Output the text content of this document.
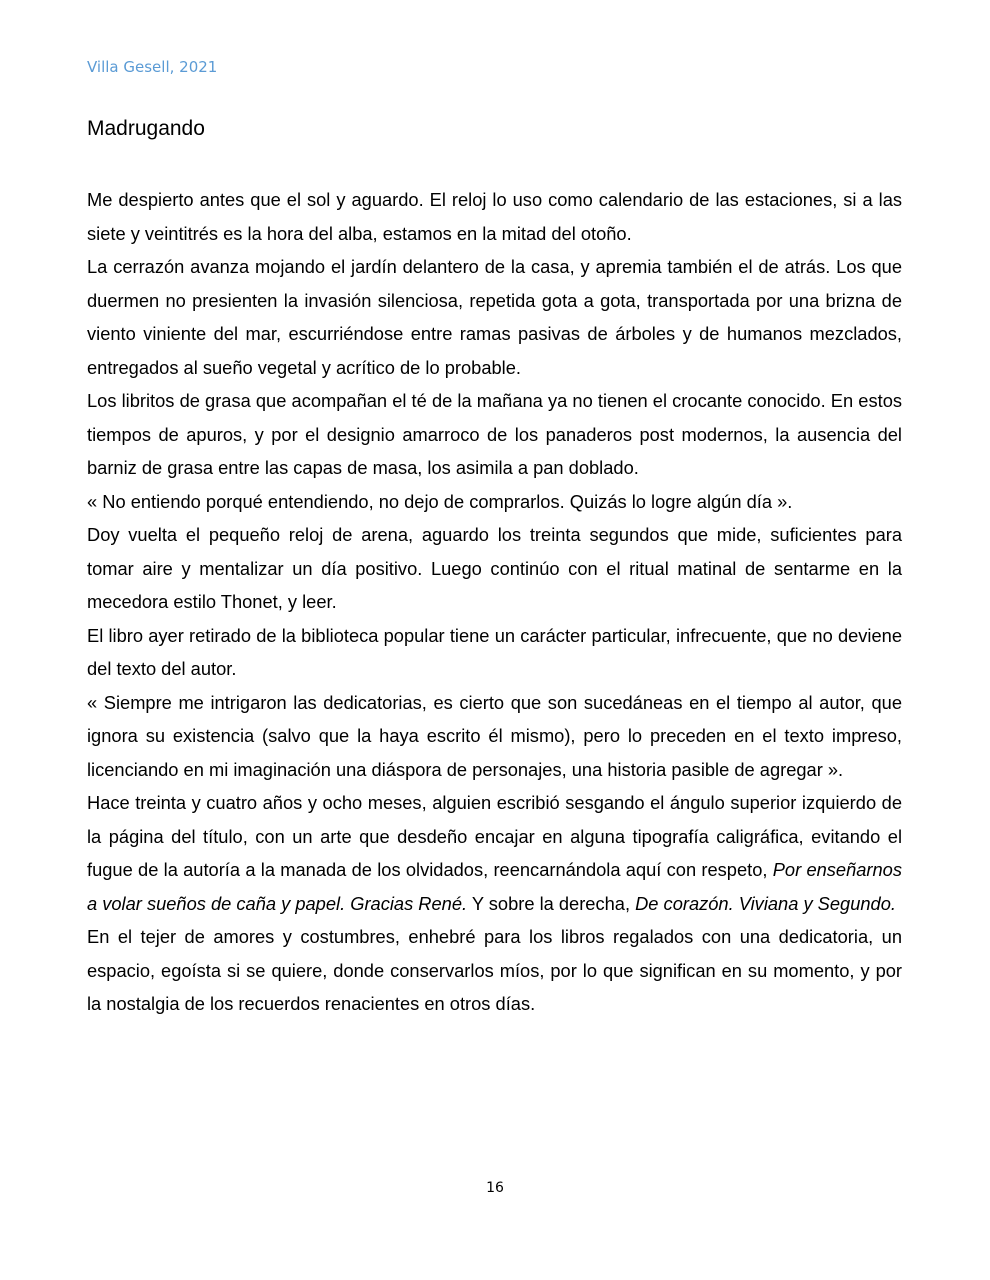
Villa Gesell, 2021
Madrugando

Me despierto antes que el sol y aguardo. El reloj lo uso como calendario de las estaciones, si a las siete y veintitrés es la hora del alba, estamos en la mitad del otoño.

La cerrazón avanza mojando el jardín delantero de la casa, y apremia también el de atrás. Los que duermen no presienten la invasión silenciosa, repetida gota a gota, transportada por una brizna de viento viniente del mar, escurriéndose entre ramas pasivas de árboles y de humanos mezclados, entregados al sueño vegetal y acrítico de lo probable.

Los libritos de grasa que acompañan el té de la mañana ya no tienen el crocante conocido. En estos tiempos de apuros, y por el designio amarroco de los panaderos post modernos, la ausencia del barniz de grasa entre las capas de masa, los asimila a pan doblado.

« No entiendo porqué entendiendo, no dejo de comprarlos. Quizás lo logre algún día ».

Doy vuelta el pequeño reloj de arena, aguardo los treinta segundos que mide, suficientes para tomar aire y mentalizar un día positivo. Luego continúo con el ritual matinal de sentarme en la mecedora estilo Thonet, y leer.

El libro ayer retirado de la biblioteca popular tiene un carácter particular, infrecuente, que no deviene del texto del autor.

« Siempre me intrigaron las dedicatorias, es cierto que son sucedáneas en el tiempo al autor, que ignora su existencia (salvo que la haya escrito él mismo), pero lo preceden en el texto impreso, licenciando en mi imaginación una diáspora de personajes, una historia pasible de agregar ».

Hace treinta y cuatro años y ocho meses, alguien escribió sesgando el ángulo superior izquierdo de la página del título, con un arte que desdeño encajar en alguna tipografía caligráfica, evitando el fugue de la autoría a la manada de los olvidados, reencarnándola aquí con respeto, Por enseñarnos a volar sueños de caña y papel. Gracias René. Y sobre la derecha, De corazón. Viviana y Segundo.

En el tejer de amores y costumbres, enhebré para los libros regalados con una dedicatoria, un espacio, egoísta si se quiere, donde conservarlos míos, por lo que significan en su momento, y por la nostalgia de los recuerdos renacientes en otros días.

16
